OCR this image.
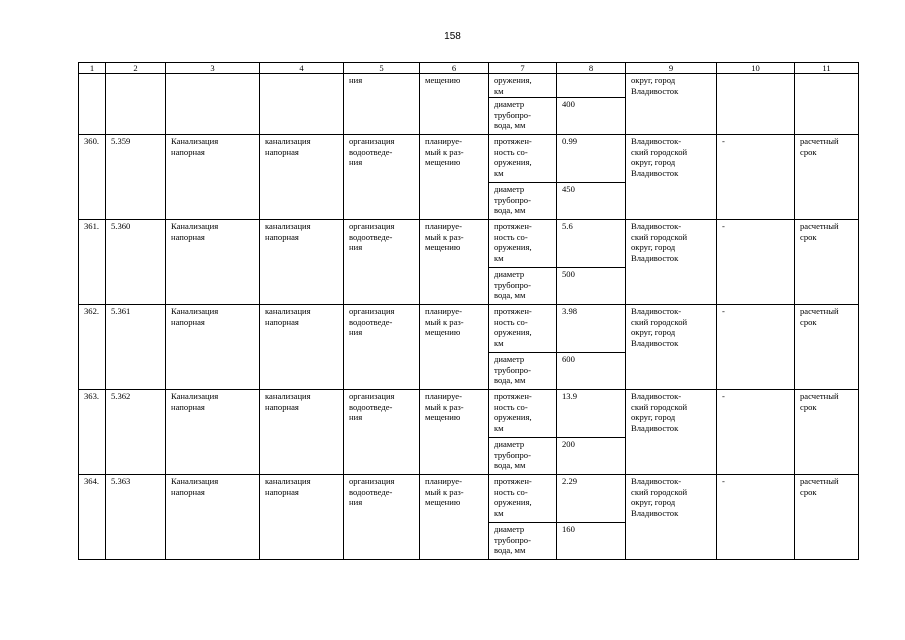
158
1	2	3	4	5	6	7	8	9	10	11
				ния	мещению	оружения,
км		округ, город
Владивосток		
						диаметр
трубопро-
вода, мм	400			
360.	5.359	Канализация
напорная	канализация
напорная	организация
водоотведе-
ния	планируе-
мый к раз-
мещению	протяжен-
ность со-
оружения,
км	0.99	Владивосток-
ский городской
округ, город
Владивосток	-	расчетный
срок
						диаметр
трубопро-
вода, мм	450			
361.	5.360	Канализация
напорная	канализация
напорная	организация
водоотведе-
ния	планируе-
мый к раз-
мещению	протяжен-
ность со-
оружения,
км	5.6	Владивосток-
ский городской
округ, город
Владивосток	-	расчетный
срок
						диаметр
трубопро-
вода, мм	500			
362.	5.361	Канализация
напорная	канализация
напорная	организация
водоотведе-
ния	планируе-
мый к раз-
мещению	протяжен-
ность со-
оружения,
км	3.98	Владивосток-
ский городской
округ, город
Владивосток	-	расчетный
срок
						диаметр
трубопро-
вода, мм	600			
363.	5.362	Канализация
напорная	канализация
напорная	организация
водоотведе-
ния	планируе-
мый к раз-
мещению	протяжен-
ность со-
оружения,
км	13.9	Владивосток-
ский городской
округ, город
Владивосток	-	расчетный
срок
						диаметр
трубопро-
вода, мм	200			
364.	5.363	Канализация
напорная	канализация
напорная	организация
водоотведе-
ния	планируе-
мый к раз-
мещению	протяжен-
ность со-
оружения,
км	2.29	Владивосток-
ский городской
округ, город
Владивосток	-	расчетный
срок
						диаметр
трубопро-
вода, мм	160			
